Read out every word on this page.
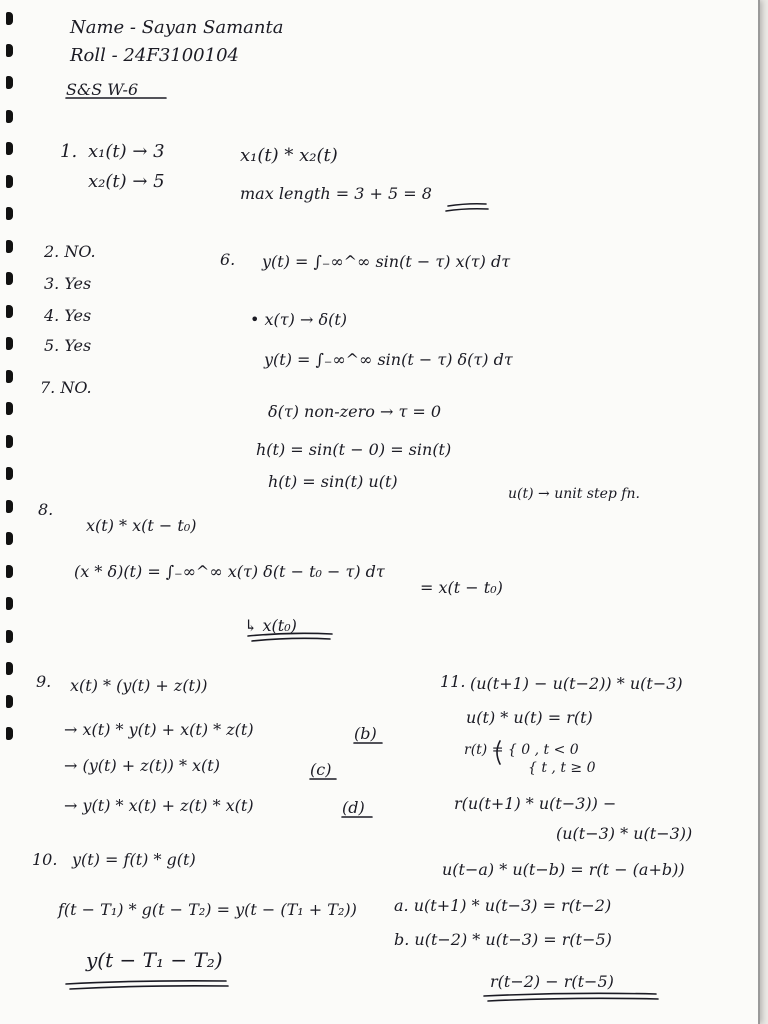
Name - Sayan Samanta
Roll - 24F3100104
S&S W-6
1. x₁(t) → 3
x₂(t) → 5
x₁(t) * x₂(t)
max length = 3 + 5 = 8
2. NO.
3. Yes
4. Yes
5. Yes
7. NO.
6. y(t) = ∫₋∞^∞ sin(t − τ) x(τ) dτ
• x(τ) → δ(t)
y(t) = ∫₋∞^∞ sin(t − τ) δ(τ) dτ
δ(τ) non-zero → τ = 0
h(t) = sin(t − 0) = sin(t)
h(t) = sin(t) u(t)
u(t) → unit step fn.
8.
x(t) * x(t − t₀)
(x * δ)(t) = ∫₋∞^∞ x(τ) δ(t − t₀ − τ) dτ
= x(t − t₀)
↳ x(t₀)
9. x(t) * (y(t) + z(t))
→ x(t) * y(t) + x(t) * z(t)	(b)
→ (y(t) + z(t)) * x(t)	(c)
→ y(t) * x(t) + z(t) * x(t)	(d)
10. y(t) = f(t) * g(t)
f(t − T₁) * g(t − T₂) = y(t − (T₁ + T₂))
y(t − T₁ − T₂)
11. (u(t+1) − u(t−2)) * u(t−3)
u(t) * u(t) = r(t)
r(t) = { 0 , t < 0
{ t , t ≥ 0
r(u(t+1) * u(t−3)) −
(u(t−3) * u(t−3))
u(t−a) * u(t−b) = r(t − (a+b))
a. u(t+1) * u(t−3) = r(t−2)
b. u(t−2) * u(t−3) = r(t−5)
r(t−2) − r(t−5)
